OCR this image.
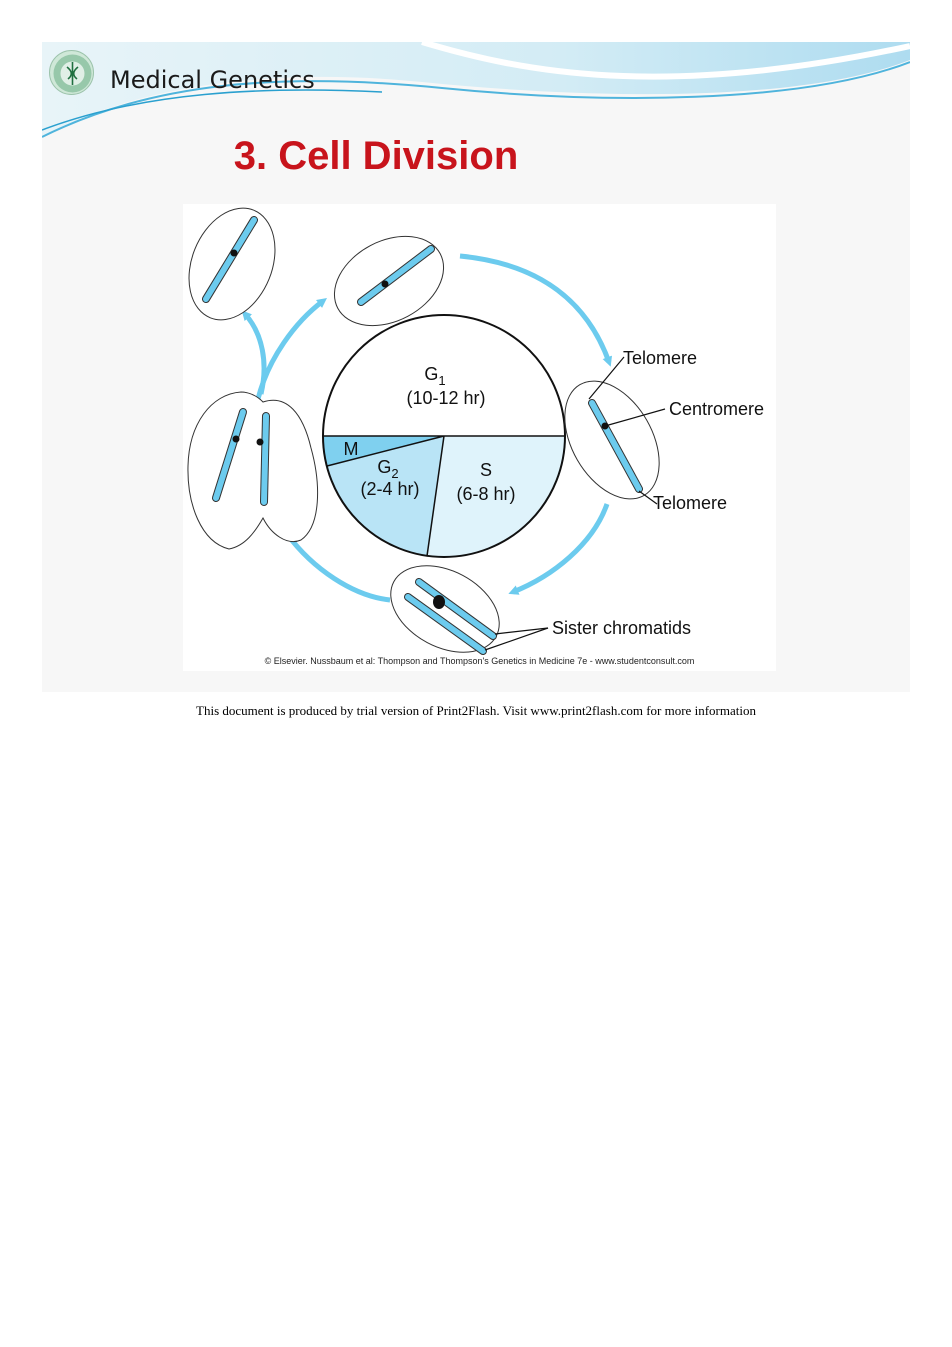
Medical Genetics
3. Cell Division
$G_1$
(10-12 hr)
S
(6-8 hr)
$G_2$
(2-4 hr)
M
Telomere
Centromere
Telomere
Sister chromatids
© Elsevier. Nussbaum et al: Thompson and Thompson's Genetics in Medicine 7e - www.studentconsult.com
This document is produced by trial version of Print2Flash. Visit www.print2flash.com for more information
